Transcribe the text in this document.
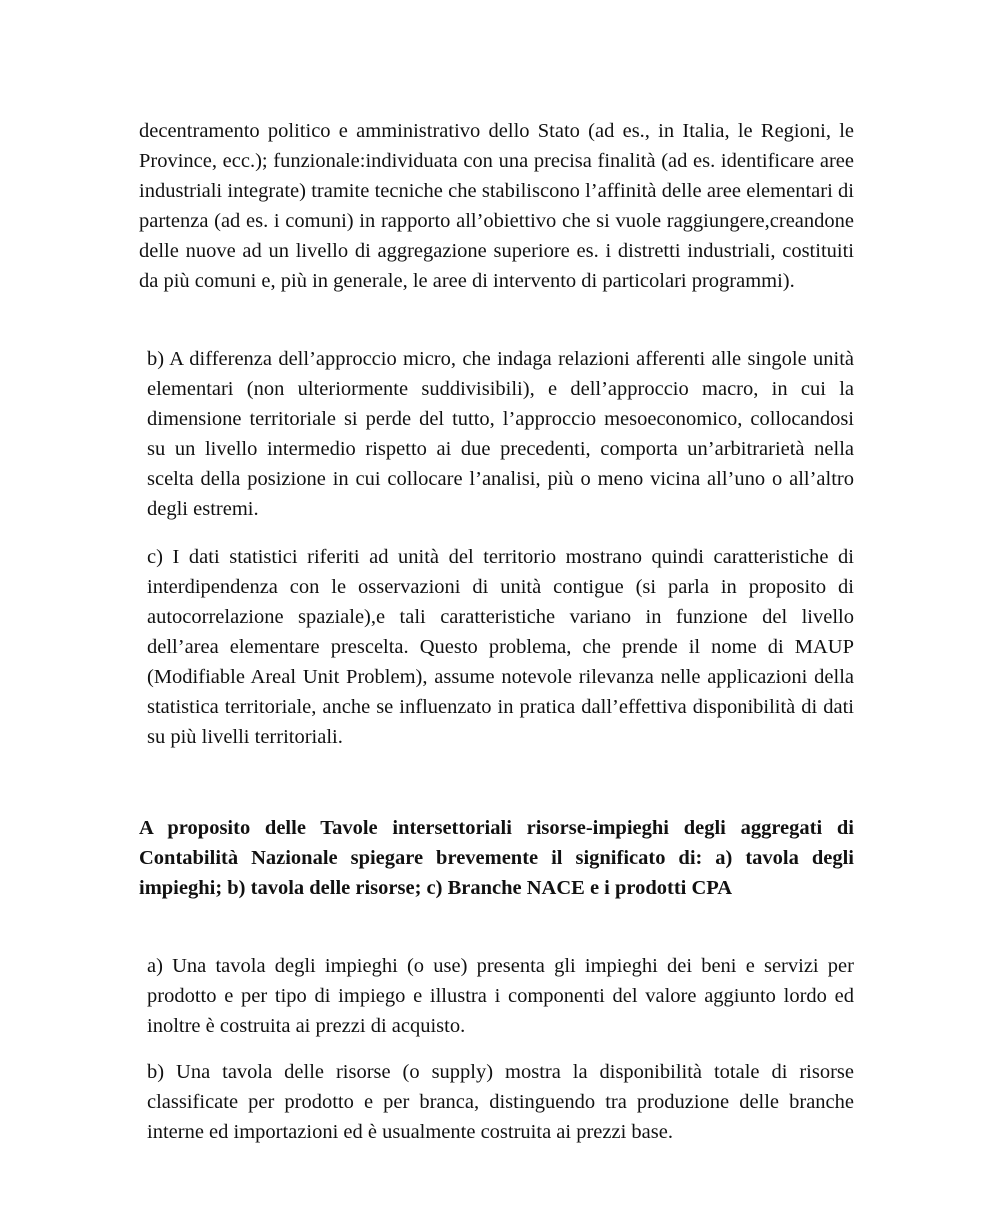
decentramento politico e amministrativo dello Stato (ad es., in Italia, le Regioni, le Province, ecc.); funzionale:individuata con una precisa finalità (ad es. identificare aree industriali integrate) tramite tecniche che stabiliscono l’affinità delle aree elementari di partenza (ad es. i comuni) in rapporto all’obiettivo che si vuole raggiungere,creandone delle nuove ad un livello di aggregazione superiore es. i distretti industriali, costituiti da più comuni e, più in generale, le aree di intervento di particolari programmi).

b) A differenza dell’approccio micro, che indaga relazioni afferenti alle singole unità elementari (non ulteriormente suddivisibili), e dell’approccio macro, in cui la dimensione territoriale si perde del tutto, l’approccio mesoeconomico, collocandosi su un livello intermedio rispetto ai due precedenti, comporta un’arbitrarietà nella scelta della posizione in cui collocare l’analisi, più o meno vicina all’uno o all’altro degli estremi.

c) I dati statistici riferiti ad unità del territorio mostrano quindi caratteristiche di interdipendenza con le osservazioni di unità contigue (si parla in proposito di autocorrelazione spaziale),e tali caratteristiche variano in funzione del livello dell’area elementare prescelta. Questo problema, che prende il nome di MAUP (Modifiable Areal Unit Problem), assume notevole rilevanza nelle applicazioni della statistica territoriale, anche se influenzato in pratica dall’effettiva disponibilità di dati su più livelli territoriali.

A proposito delle Tavole intersettoriali risorse-impieghi degli aggregati di Contabilità Nazionale spiegare brevemente il significato di: a) tavola degli impieghi; b) tavola delle risorse; c) Branche NACE e i prodotti CPA

a) Una tavola degli impieghi (o use) presenta gli impieghi dei beni e servizi per prodotto e per tipo di impiego e illustra i componenti del valore aggiunto lordo ed inoltre è costruita ai prezzi di acquisto.

b) Una tavola delle risorse (o supply) mostra la disponibilità totale di risorse classificate per prodotto e per branca, distinguendo tra produzione delle branche interne ed importazioni ed è usualmente costruita ai prezzi base.
